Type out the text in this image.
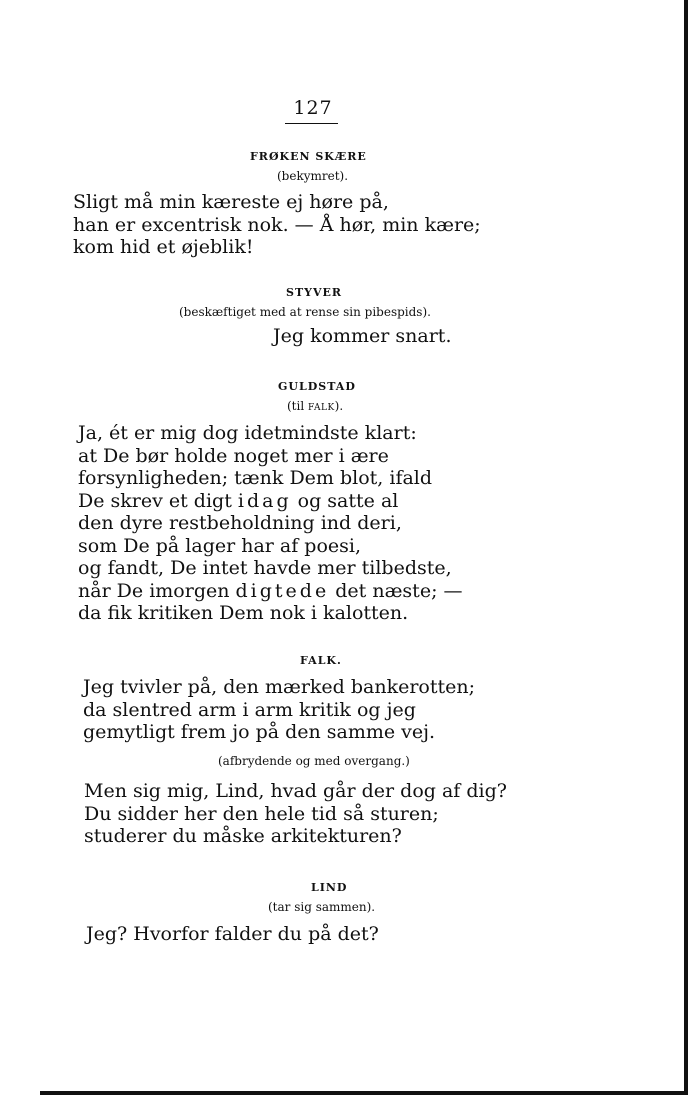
127
FRØKEN SKÆRE
(bekymret).
Sligt må min kæreste ej høre på,
han er excentrisk nok. — Å hør, min kære;
kom hid et øjeblik!
STYVER
(beskæftiget med at rense sin pibespids).
Jeg kommer snart.
GULDSTAD
(til FALK).
Ja, ét er mig dog idetmindste klart:
at De bør holde noget mer i ære
forsynligheden; tænk Dem blot, ifald
De skrev et digt idag og satte al
den dyre restbeholdning ind deri,
som De på lager har af poesi,
og fandt, De intet havde mer tilbedste,
når De imorgen digtede det næste; —
da fik kritiken Dem nok i kalotten.
FALK.
Jeg tvivler på, den mærked bankerotten;
da slentred arm i arm kritik og jeg
gemytligt frem jo på den samme vej.
(afbrydende og med overgang.)
Men sig mig, Lind, hvad går der dog af dig?
Du sidder her den hele tid så sturen;
studerer du måske arkitekturen?
LIND
(tar sig sammen).
Jeg? Hvorfor falder du på det?
